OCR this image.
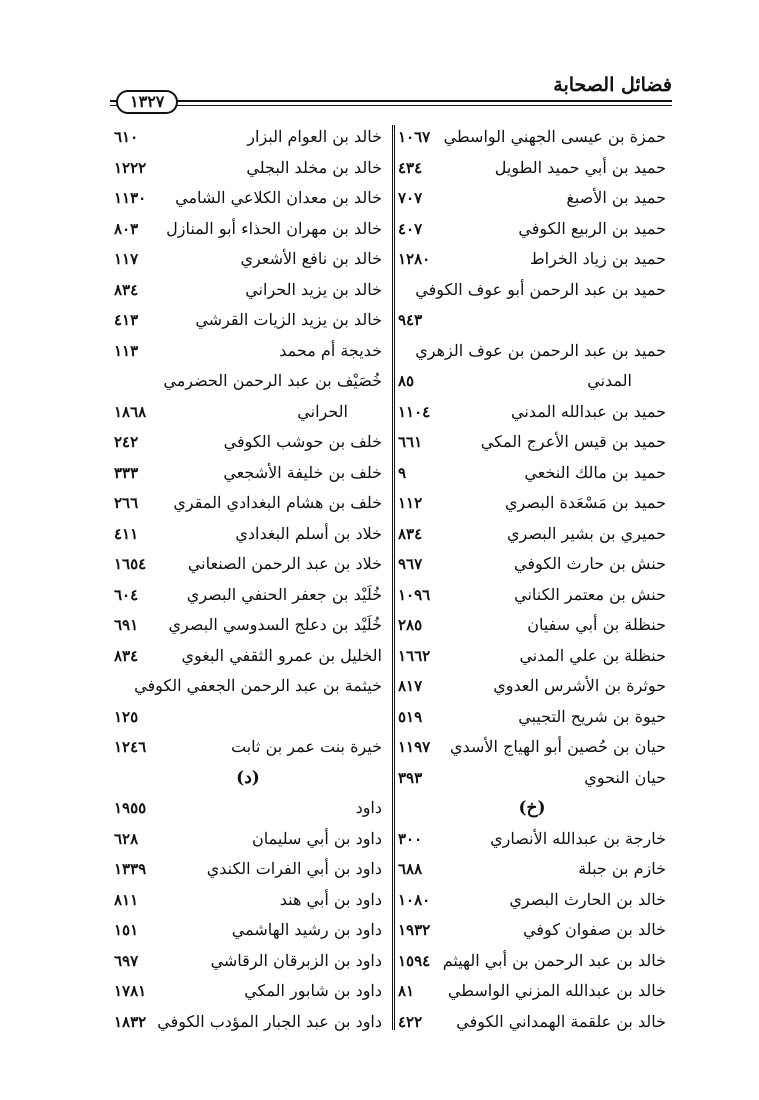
فضائل الصحابة
١٣٢٧
حمزة بن عيسى الجهني الواسطي
١٠٦٧
حميد بن أبي حميد الطويل
٤٣٤
حميد بن الأصبغ
٧٠٧
حميد بن الربيع الكوفي
٤٠٧
حميد بن زياد الخراط
١٢٨٠
حميد بن عبد الرحمن أبو عوف الكوفي
٩٤٣
حميد بن عبد الرحمن بن عوف الزهري
المدني
٨٥
حميد بن عبدالله المدني
١١٠٤
حميد بن قيس الأعرج المكي
٦٦١
حميد بن مالك النخعي
٩
حميد بن مَسْعَدة البصري
١١٢
حميري بن بشير البصري
٨٣٤
حنش بن حارث الكوفي
٩٦٧
حنش بن معتمر الكناني
١٠٩٦
حنظلة بن أبي سفيان
٢٨٥
حنظلة بن علي المدني
١٦٦٢
حوثرة بن الأشرس العدوي
٨١٧
حيوة بن شريح التجيبي
٥١٩
حيان بن حُصين أبو الهياج الأسدي
١١٩٧
حيان النحوي
٣٩٣
(خ)
خارجة بن عبدالله الأنصاري
٣٠٠
خازم بن جبلة
٦٨٨
خالد بن الحارث البصري
١٠٨٠
خالد بن صفوان كوفي
١٩٣٢
خالد بن عبد الرحمن بن أبي الهيثم
١٥٩٤
خالد بن عبدالله المزني الواسطي
٨١
خالد بن علقمة الهمداني الكوفي
٤٢٢
خالد بن العوام البزار
٦١٠
خالد بن مخلد البجلي
١٢٢٢
خالد بن معدان الكلاعي الشامي
١١٣٠
خالد بن مهران الحذاء أبو المنازل
٨٠٣
خالد بن نافع الأشعري
١١٧
خالد بن يزيد الحراني
٨٣٤
خالد بن يزيد الزيات القرشي
٤١٣
خديجة أم محمد
١١٣
خُصَيْف بن عبد الرحمن الحضرمي
الحراني
١٨٦٨
خلف بن حوشب الكوفي
٢٤٢
خلف بن خليفة الأشجعي
٣٣٣
خلف بن هشام البغدادي المقري
٢٦٦
خلاد بن أسلم البغدادي
٤١١
خلاد بن عبد الرحمن الصنعاني
١٦٥٤
خُلَيْد بن جعفر الحنفي البصري
٦٠٤
خُلَيْد بن دعلج السدوسي البصري
٦٩١
الخليل بن عمرو الثقفي البغوي
٨٣٤
خيثمة بن عبد الرحمن الجعفي الكوفي
١٢٥
خيرة بنت عمر بن ثابت
١٢٤٦
(د)
داود
١٩٥٥
داود بن أبي سليمان
٦٢٨
داود بن أبي الفرات الكندي
١٣٣٩
داود بن أبي هند
٨١١
داود بن رشيد الهاشمي
١٥١
داود بن الزبرقان الرقاشي
٦٩٧
داود بن شابور المكي
١٧٨١
داود بن عبد الجبار المؤدب الكوفي
١٨٣٢
